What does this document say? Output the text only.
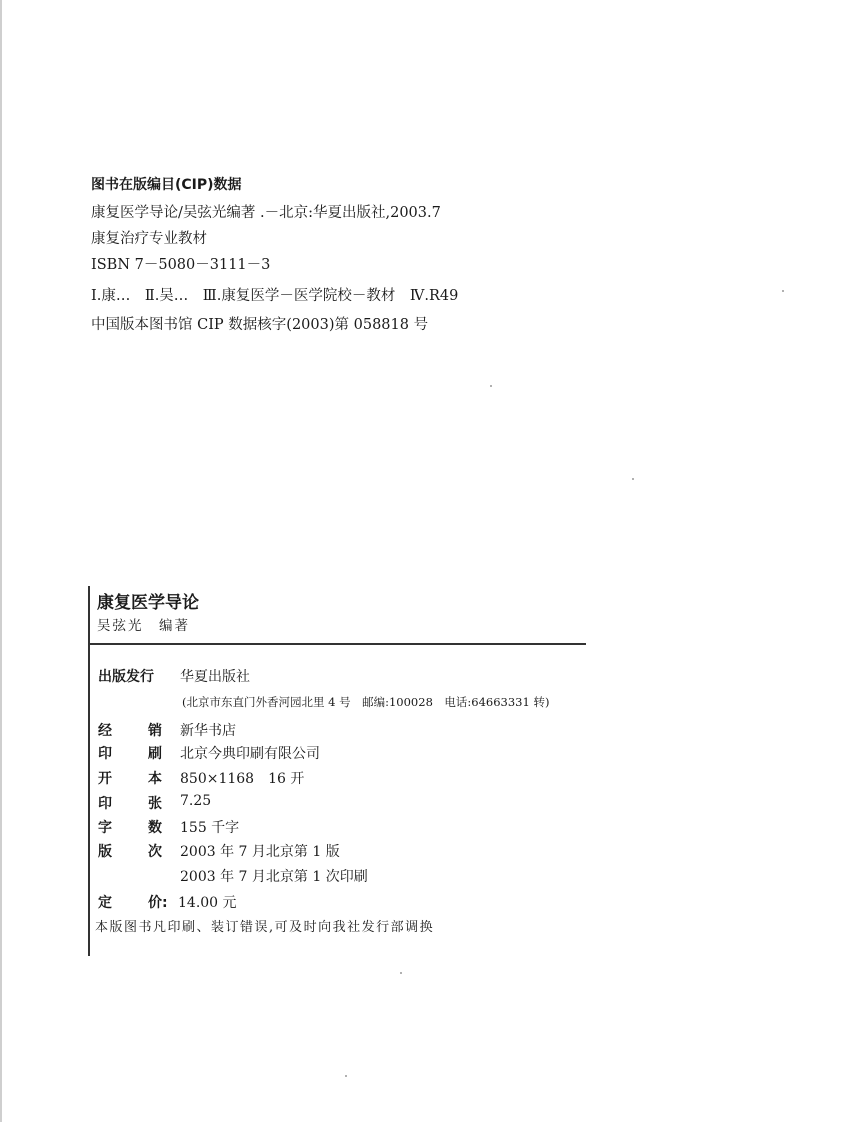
图书在版编目(CIP)数据
康复医学导论/吴弦光编著 .－北京:华夏出版社,2003.7
康复治疗专业教材
ISBN 7－5080－3111－3
Ⅰ.康…　Ⅱ.吴…　Ⅲ.康复医学－医学院校－教材　Ⅳ.R49
中国版本图书馆 CIP 数据核字(2003)第 058818 号
康复医学导论
吴弦光　编著
出版发行 华夏出版社
(北京市东直门外香河园北里 4 号　邮编:100028　电话:64663331 转)
经	销 新华书店
印	刷 北京今典印刷有限公司
开	本 850×1168　16 开
印	张 7.25
字	数 155 千字
版	次 2003 年 7 月北京第 1 版
2003 年 7 月北京第 1 次印刷
定	价: 14.00 元
本版图书凡印刷、装订错误,可及时向我社发行部调换
